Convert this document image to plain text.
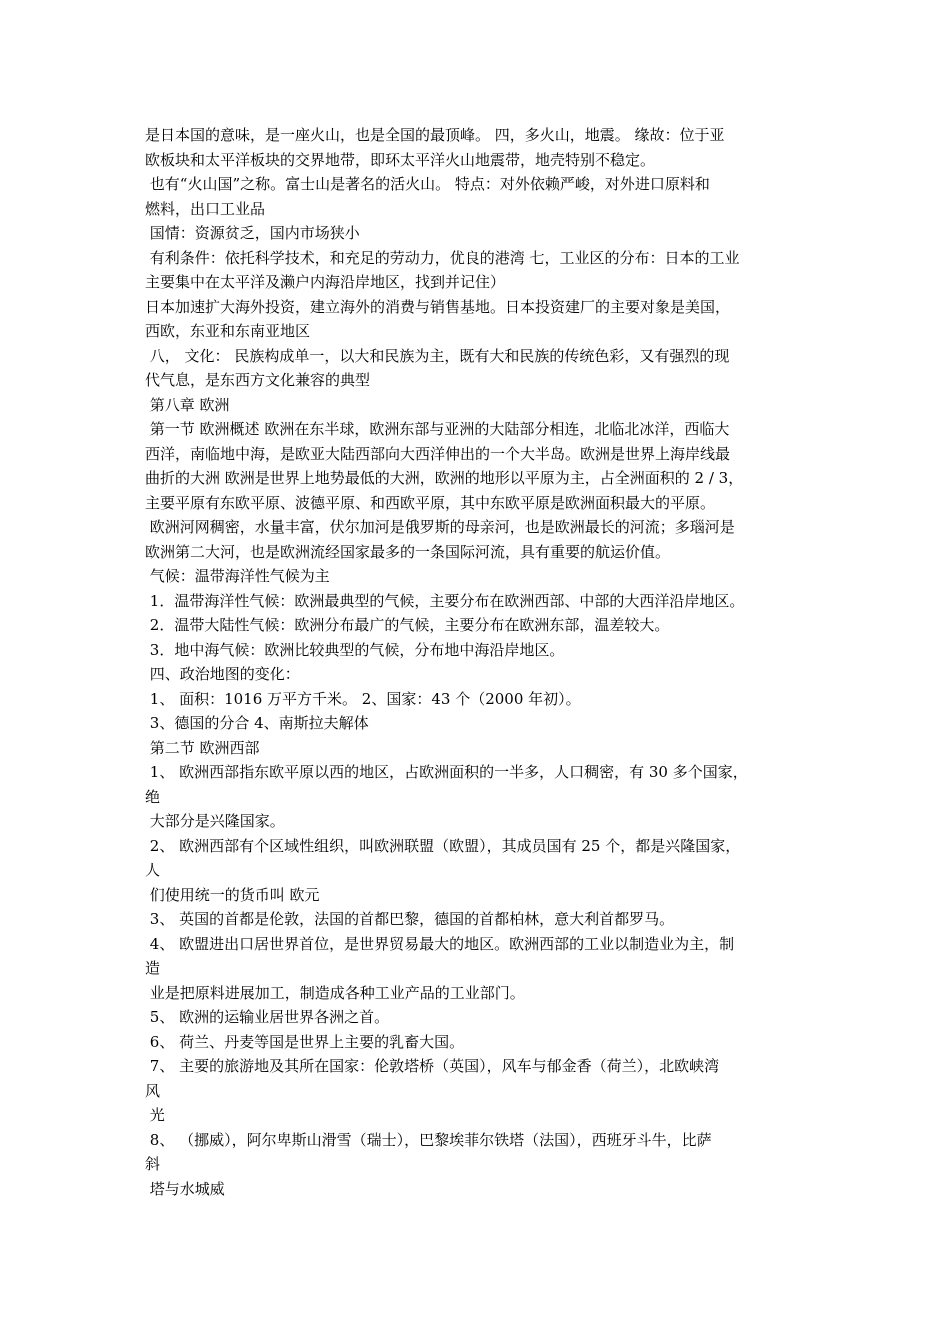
是日本国的意味，是一座火山，也是全国的最顶峰。 四，多火山，地震。 缘故：位于亚

欧板块和太平洋板块的交界地带，即环太平洋火山地震带，地壳特别不稳定。

也有“火山国”之称。富士山是著名的活火山。 特点：对外依赖严峻，对外进口原料和

燃料，出口工业品

国情：资源贫乏，国内市场狭小

有利条件：依托科学技术，和充足的劳动力，优良的港湾 七，工业区的分布：日本的工业

主要集中在太平洋及濑户内海沿岸地区，找到并记住）

日本加速扩大海外投资，建立海外的消费与销售基地。日本投资建厂的主要对象是美国，

西欧，东亚和东南亚地区

八， 文化： 民族构成单一，以大和民族为主，既有大和民族的传统色彩，又有强烈的现

代气息，是东西方文化兼容的典型

第八章 欧洲

第一节 欧洲概述 欧洲在东半球，欧洲东部与亚洲的大陆部分相连，北临北冰洋，西临大

西洋，南临地中海，是欧亚大陆西部向大西洋伸出的一个大半岛。欧洲是世界上海岸线最

曲折的大洲 欧洲是世界上地势最低的大洲，欧洲的地形以平原为主，占全洲面积的 2 / 3，

主要平原有东欧平原、波德平原、和西欧平原，其中东欧平原是欧洲面积最大的平原。

欧洲河网稠密，水量丰富，伏尔加河是俄罗斯的母亲河，也是欧洲最长的河流；多瑙河是

欧洲第二大河，也是欧洲流经国家最多的一条国际河流，具有重要的航运价值。

气候：温带海洋性气候为主

1．温带海洋性气候：欧洲最典型的气候，主要分布在欧洲西部、中部的大西洋沿岸地区。

2．温带大陆性气候：欧洲分布最广的气候，主要分布在欧洲东部，温差较大。

3．地中海气候：欧洲比较典型的气候，分布地中海沿岸地区。

四、政治地图的变化：

1、 面积：1016 万平方千米。 2、国家：43 个（2000 年初）。

3、德国的分合 4、南斯拉夫解体

第二节 欧洲西部

1、 欧洲西部指东欧平原以西的地区，占欧洲面积的一半多，人口稠密，有 30 多个国家，

绝

大部分是兴隆国家。

2、 欧洲西部有个区域性组织，叫欧洲联盟（欧盟），其成员国有 25 个，都是兴隆国家，

人

们使用统一的货币叫 欧元

3、 英国的首都是伦敦，法国的首都巴黎，德国的首都柏林，意大利首都罗马。

4、 欧盟进出口居世界首位，是世界贸易最大的地区。欧洲西部的工业以制造业为主，制

造

业是把原料进展加工，制造成各种工业产品的工业部门。

5、 欧洲的运输业居世界各洲之首。

6、 荷兰、丹麦等国是世界上主要的乳畜大国。

7、 主要的旅游地及其所在国家：伦敦塔桥（英国），风车与郁金香（荷兰），北欧峡湾

风

光

8、 （挪威），阿尔卑斯山滑雪（瑞士），巴黎埃菲尔铁塔（法国），西班牙斗牛，比萨

斜

塔与水城威
